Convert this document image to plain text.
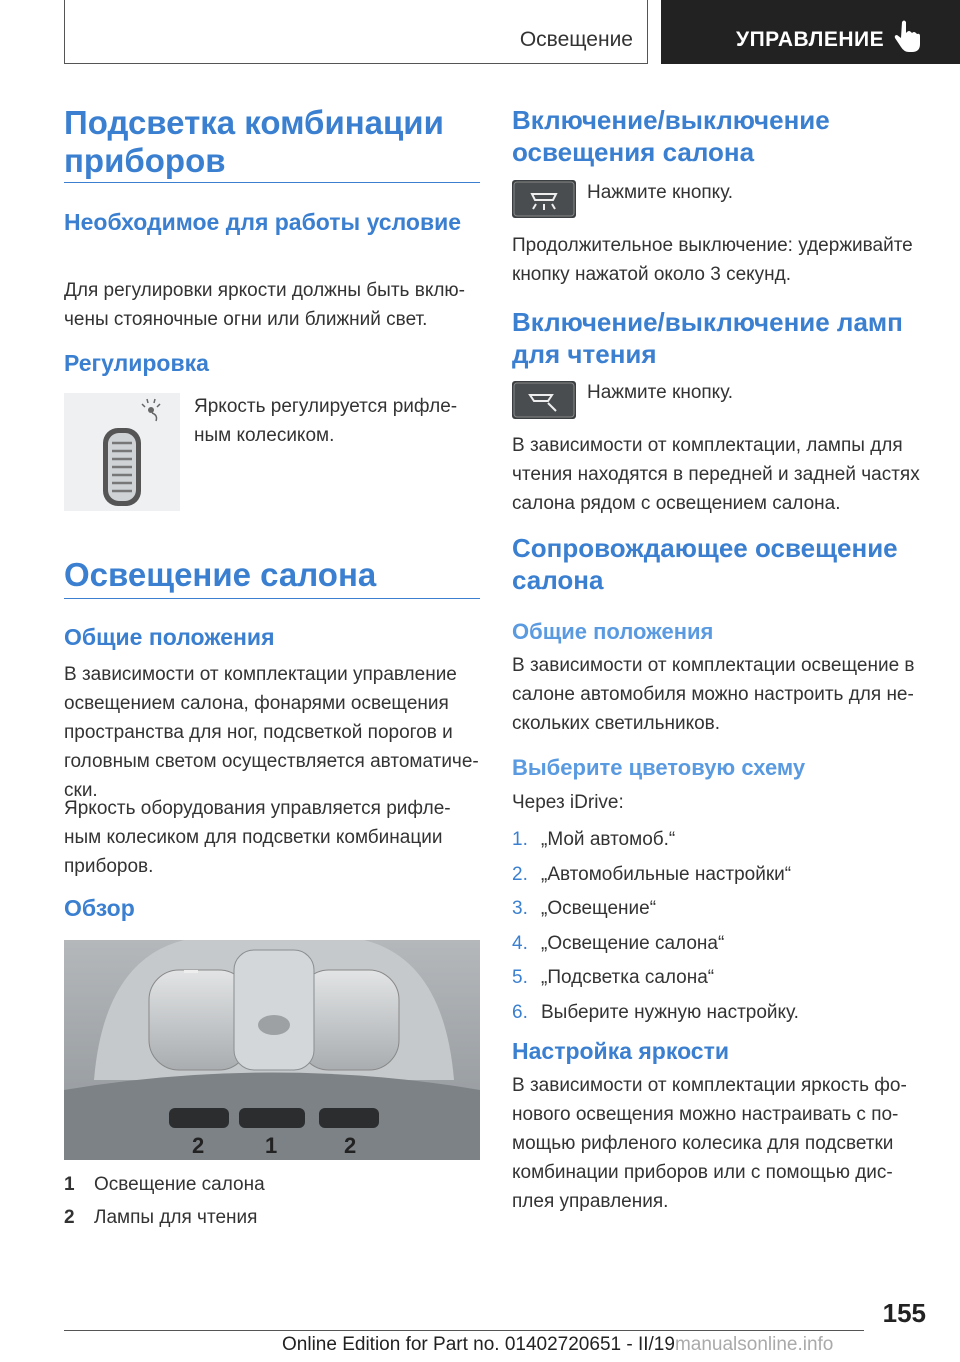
Освещение	УПРАВЛЕНИЕ
Подсветка комбинации приборов
Необходимое для работы условие

Для регулировки яркости должны быть вклю-

чены стояночные огни или ближний свет.

Регулировка

Яркость регулируется рифле-

ным колесиком.

Освещение салона
Общие положения

В зависимости от комплектации управление

освещением салона, фонарями освещения

пространства для ног, подсветкой порогов и

головным светом осуществляется автоматиче-

ски.

Яркость оборудования управляется рифле-

ным колесиком для подсветки комбинации

приборов.

Обзор
2	1	2
1 Освещение салона
2 Лампы для чтения
Включение/выключение
освещения салона

Нажмите кнопку.

Продолжительное выключение: удерживайте

кнопку нажатой около 3 секунд.

Включение/выключение ламп
для чтения

Нажмите кнопку.

В зависимости от комплектации, лампы для

чтения находятся в передней и задней частях

салона рядом с освещением салона.

Сопровождающее освещение
салона
Общие положения

В зависимости от комплектации освещение в

салоне автомобиля можно настроить для не-

скольких светильников.

Выберите цветовую схему

Через iDrive:

1. „Мой автомоб.“
2. „Автомобильные настройки“
3. „Освещение“
4. „Освещение салона“
5. „Подсветка салона“
6. Выберите нужную настройку.
Настройка яркости

В зависимости от комплектации яркость фо-

нового освещения можно настраивать с по-

мощью рифленого колесика для подсветки

комбинации приборов или с помощью дис-

плея управления.

155
Online Edition for Part no. 01402720651 - II/19manualsonline.info
